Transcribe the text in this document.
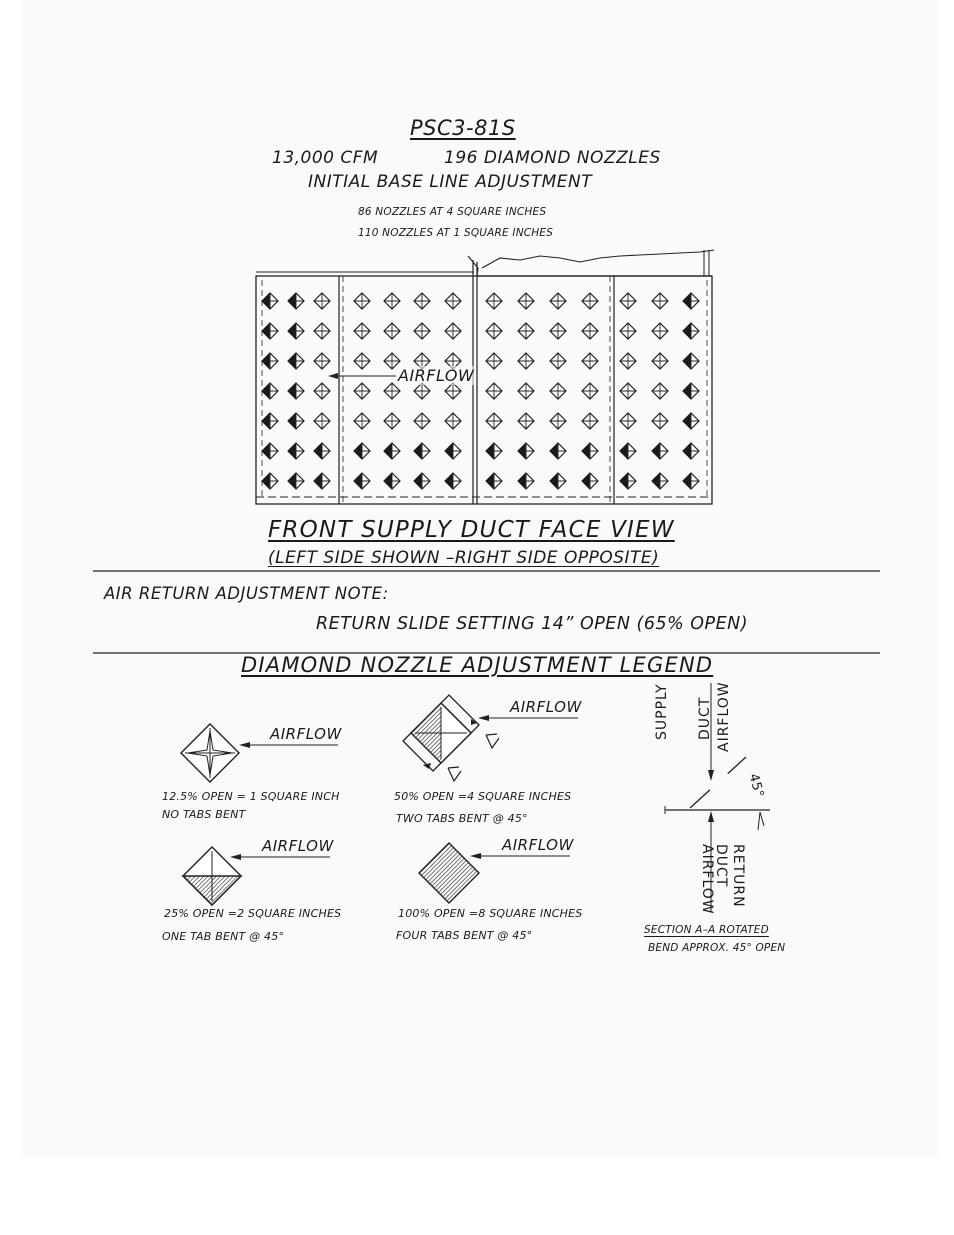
PSC3-81S
13,000 CFM	196 DIAMOND NOZZLES
INITIAL BASE LINE ADJUSTMENT
86 NOZZLES AT 4 SQUARE INCHES
110 NOZZLES AT 1 SQUARE INCHES
AIRFLOW
FRONT SUPPLY DUCT FACE VIEW
(LEFT SIDE SHOWN –RIGHT SIDE OPPOSITE)
AIR RETURN ADJUSTMENT NOTE:
RETURN SLIDE SETTING 14” OPEN (65% OPEN)
DIAMOND NOZZLE ADJUSTMENT LEGEND
AIRFLOW
12.5% OPEN = 1 SQUARE INCH
NO TABS BENT
AIRFLOW
50% OPEN =4 SQUARE INCHES
TWO TABS BENT @ 45°
AIRFLOW
25% OPEN =2 SQUARE INCHES
ONE TAB BENT @ 45°
AIRFLOW
100% OPEN =8 SQUARE INCHES
FOUR TABS BENT @ 45°
SUPPLY DUCT AIRFLOW
45°
AIRFLOW
DUCT RETURN
SECTION A–A ROTATED
BEND APPROX. 45° OPEN
